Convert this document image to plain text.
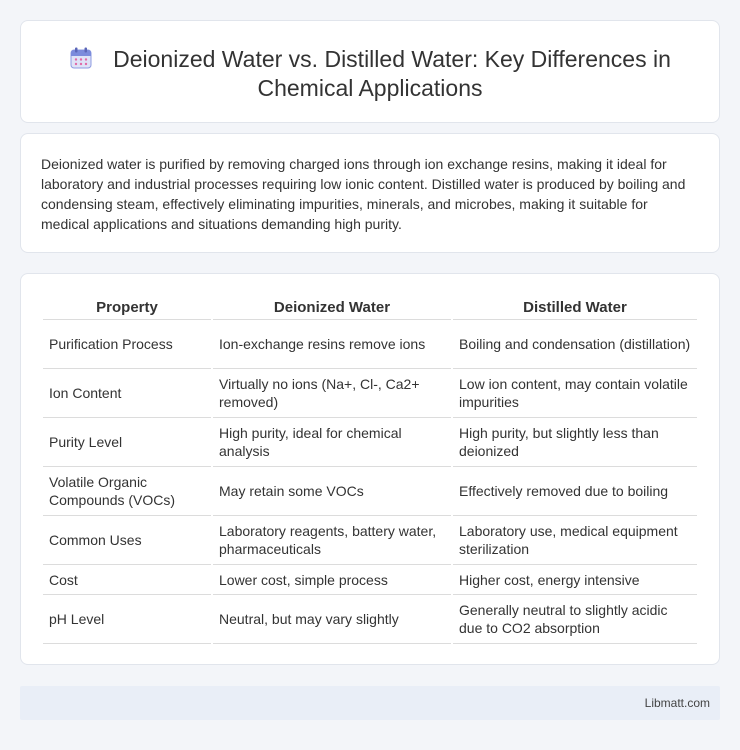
Deionized Water vs. Distilled Water: Key Differences in Chemical Applications

Deionized water is purified by removing charged ions through ion exchange resins, making it ideal for laboratory and industrial processes requiring low ionic content. Distilled water is produced by boiling and condensing steam, effectively eliminating impurities, minerals, and microbes, making it suitable for medical applications and situations demanding high purity.

Property	Deionized Water	Distilled Water
Purification Process	Ion-exchange resins remove ions	Boiling and condensation (distillation)
Ion Content	Virtually no ions (Na+, Cl-, Ca2+ removed)	Low ion content, may contain volatile impurities
Purity Level	High purity, ideal for chemical analysis	High purity, but slightly less than deionized
Volatile Organic Compounds (VOCs)	May retain some VOCs	Effectively removed due to boiling
Common Uses	Laboratory reagents, battery water, pharmaceuticals	Laboratory use, medical equipment sterilization
Cost	Lower cost, simple process	Higher cost, energy intensive
pH Level	Neutral, but may vary slightly	Generally neutral to slightly acidic due to CO2 absorption
Libmatt.com
